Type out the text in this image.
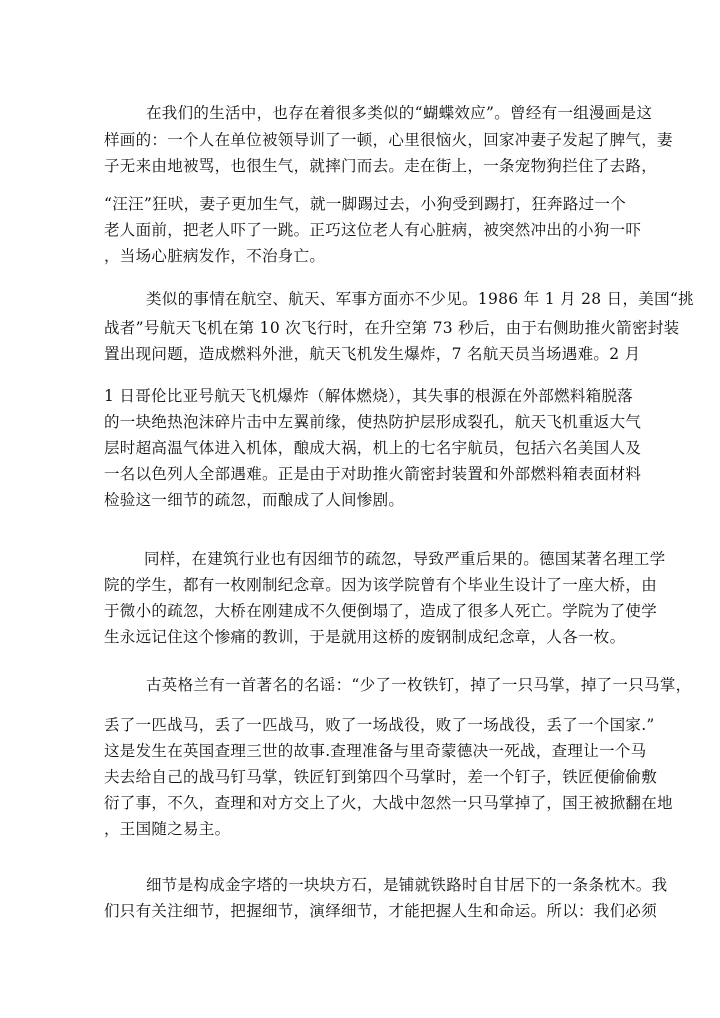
在我们的生活中，也存在着很多类似的“蝴蝶效应”。曾经有一组漫画是这
样画的：一个人在单位被领导训了一顿，心里很恼火，回家冲妻子发起了脾气，妻
子无来由地被骂，也很生气，就摔门而去。走在街上，一条宠物狗拦住了去路，
“汪汪”狂吠，妻子更加生气，就一脚踢过去，小狗受到踢打，狂奔路过一个
老人面前，把老人吓了一跳。正巧这位老人有心脏病，被突然冲出的小狗一吓
，当场心脏病发作，不治身亡。
类似的事情在航空、航天、军事方面亦不少见。1986 年 1 月 28 日，美国“挑
战者”号航天飞机在第 10 次飞行时，在升空第 73 秒后，由于右侧助推火箭密封装
置出现问题，造成燃料外泄，航天飞机发生爆炸，7 名航天员当场遇难。2 月
1 日哥伦比亚号航天飞机爆炸（解体燃烧），其失事的根源在外部燃料箱脱落
的一块绝热泡沫碎片击中左翼前缘，使热防护层形成裂孔，航天飞机重返大气
层时超高温气体进入机体，酿成大祸，机上的七名宇航员，包括六名美国人及
一名以色列人全部遇难。正是由于对助推火箭密封装置和外部燃料箱表面材料
检验这一细节的疏忽，而酿成了人间惨剧。
同样，在建筑行业也有因细节的疏忽，导致严重后果的。德国某著名理工学
院的学生，都有一枚刚制纪念章。因为该学院曾有个毕业生设计了一座大桥，由
于微小的疏忽，大桥在刚建成不久便倒塌了，造成了很多人死亡。学院为了使学
生永远记住这个惨痛的教训，于是就用这桥的废钢制成纪念章，人各一枚。
古英格兰有一首著名的名谣：“少了一枚铁钉，掉了一只马掌，掉了一只马掌，
丢了一匹战马，丢了一匹战马，败了一场战役，败了一场战役，丢了一个国家.”
这是发生在英国查理三世的故事.查理准备与里奇蒙德决一死战，查理让一个马
夫去给自己的战马钉马掌，铁匠钉到第四个马掌时，差一个钉子，铁匠便偷偷敷
衍了事，不久，查理和对方交上了火，大战中忽然一只马掌掉了，国王被掀翻在地
，王国随之易主。
细节是构成金字塔的一块块方石，是铺就铁路时自甘居下的一条条枕木。我
们只有关注细节，把握细节，演绎细节，才能把握人生和命运。所以：我们必须
